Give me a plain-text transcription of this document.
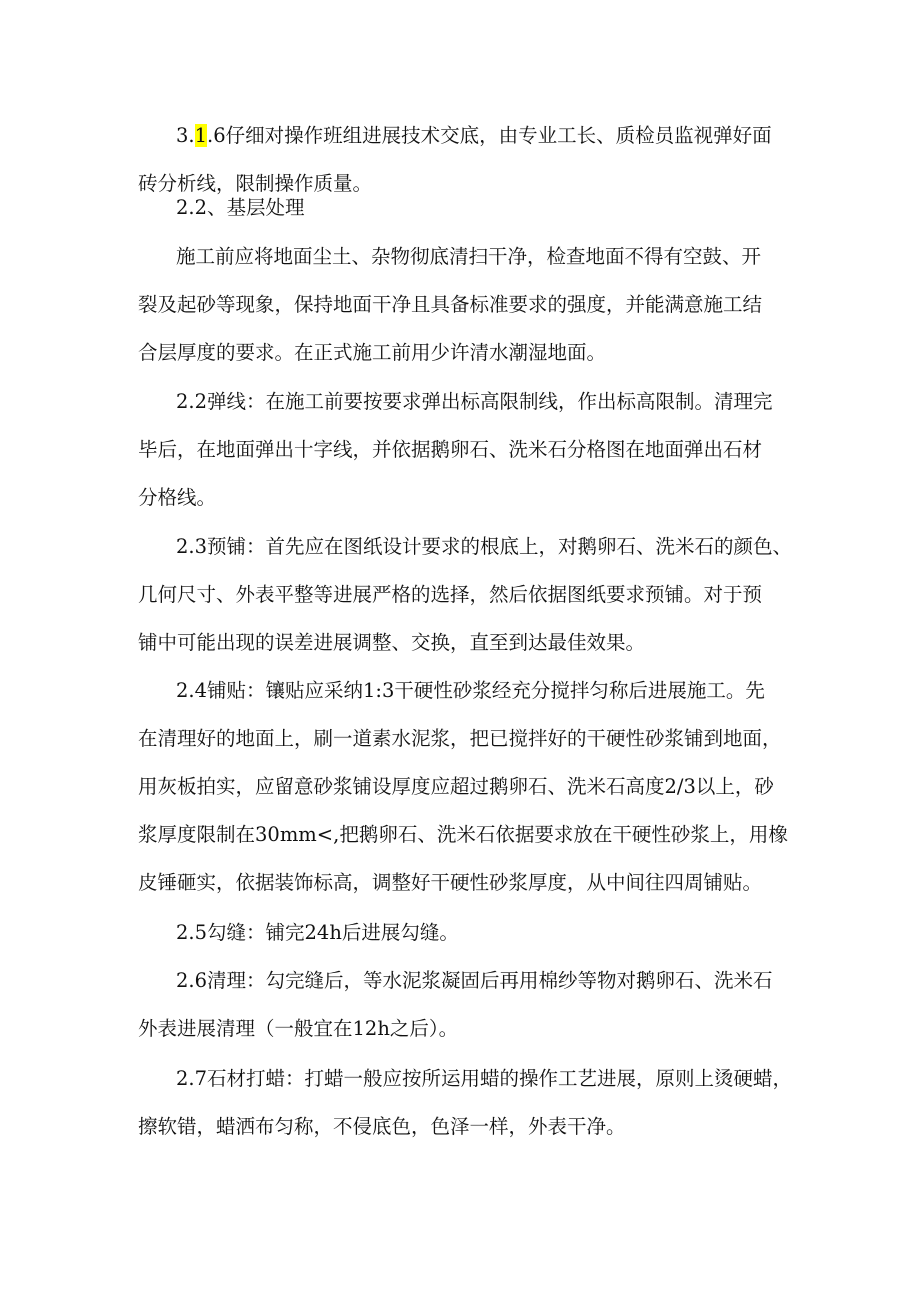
3.1.6仔细对操作班组进展技术交底，由专业工长、质检员监视弹好面
砖分析线，限制操作质量。

2.2、基层处理

施工前应将地面尘土、杂物彻底清扫干净，检查地面不得有空鼓、开
裂及起砂等现象，保持地面干净且具备标准要求的强度，并能满意施工结
合层厚度的要求。在正式施工前用少许清水潮湿地面。

2.2弹线：在施工前要按要求弹出标高限制线，作出标高限制。清理完
毕后，在地面弹出十字线，并依据鹅卵石、洗米石分格图在地面弹出石材
分格线。

2.3预铺：首先应在图纸设计要求的根底上，对鹅卵石、洗米石的颜色、
几何尺寸、外表平整等进展严格的选择，然后依据图纸要求预铺。对于预
铺中可能出现的误差进展调整、交换，直至到达最佳效果。

2.4铺贴：镶贴应采纳1:3干硬性砂浆经充分搅拌匀称后进展施工。先
在清理好的地面上，刷一道素水泥浆，把已搅拌好的干硬性砂浆铺到地面，
用灰板拍实，应留意砂浆铺设厚度应超过鹅卵石、洗米石高度2/3以上，砂
浆厚度限制在30mm<,把鹅卵石、洗米石依据要求放在干硬性砂浆上，用橡
皮锤砸实，依据装饰标高，调整好干硬性砂浆厚度，从中间往四周铺贴。

2.5勾缝：铺完24h后进展勾缝。

2.6清理：勾完缝后，等水泥浆凝固后再用棉纱等物对鹅卵石、洗米石
外表进展清理（一般宜在12h之后）。

2.7石材打蜡：打蜡一般应按所运用蜡的操作工艺进展，原则上烫硬蜡，
擦软错，蜡洒布匀称，不侵底色，色泽一样，外表干净。
